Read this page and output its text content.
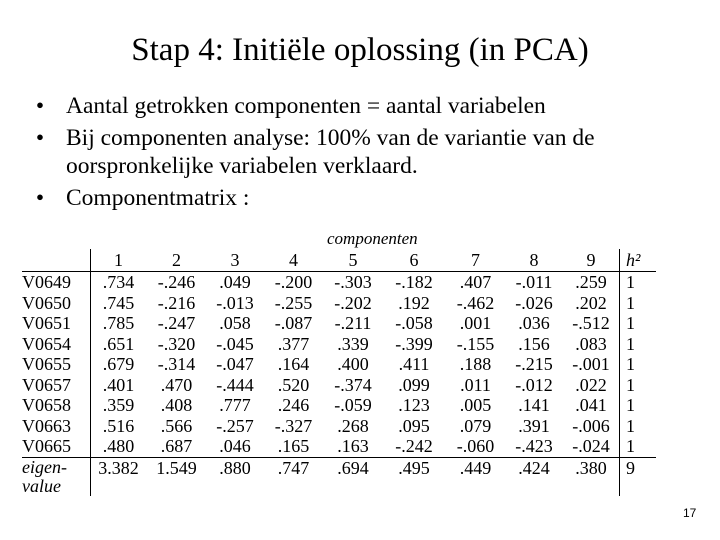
Stap 4: Initiële oplossing (in PCA)
• Aantal getrokken componenten = aantal variabelen
• Bij componenten analyse: 100% van de variantie van de oorspronkelijke variabelen verklaard.
• Componentmatrix :
componenten
	1	2	3	4	5	6	7	8	9	h²
V0649	.734	-.246	.049	-.200	-.303	-.182	.407	-.011	.259	1
V0650	.745	-.216	-.013	-.255	-.202	.192	-.462	-.026	.202	1
V0651	.785	-.247	.058	-.087	-.211	-.058	.001	.036	-.512	1
V0654	.651	-.320	-.045	.377	.339	-.399	-.155	.156	.083	1
V0655	.679	-.314	-.047	.164	.400	.411	.188	-.215	-.001	1
V0657	.401	.470	-.444	.520	-.374	.099	.011	-.012	.022	1
V0658	.359	.408	.777	.246	-.059	.123	.005	.141	.041	1
V0663	.516	.566	-.257	-.327	.268	.095	.079	.391	-.006	1
V0665	.480	.687	.046	.165	.163	-.242	-.060	-.423	-.024	1

eigen-
value	3.382	1.549	.880	.747	.694	.495	.449	.424	.380	9
17
